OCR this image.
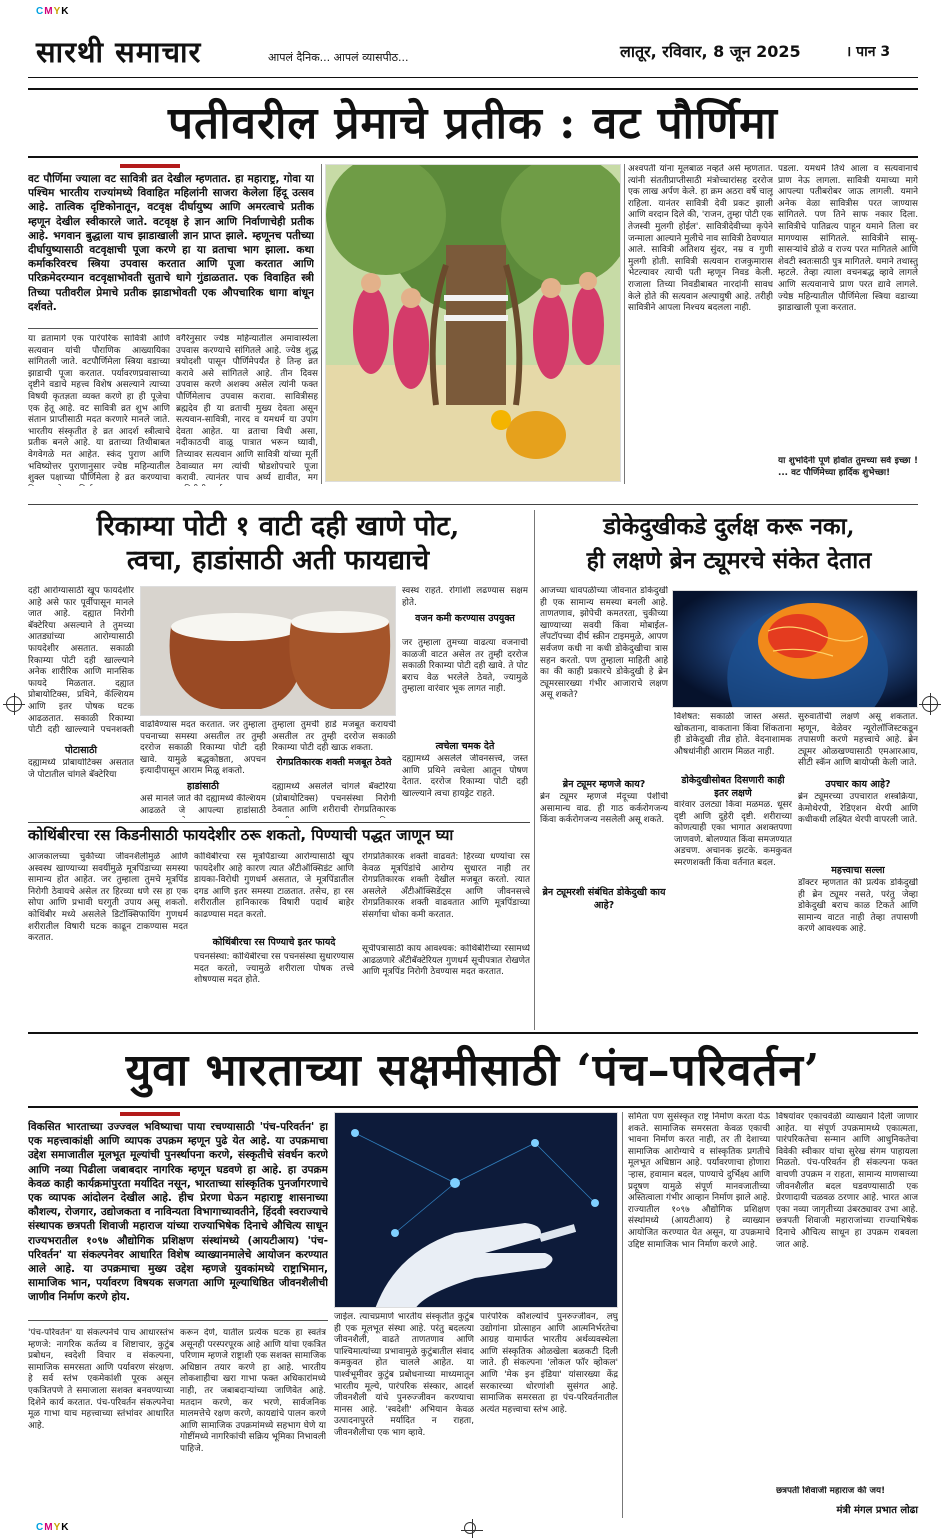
CMYK
CMYK
सारथी समाचार	आपलं दैनिक... आपलं व्यासपीठ...	लातूर, रविवार, 8 जून 2025	। पान 3
पतीवरील प्रेमाचे प्रतीक : वट पौर्णिमा
वट पौर्णिमा ज्याला वट सावित्री व्रत देखील म्हणतात. हा महाराष्ट्र, गोवा या पश्चिम भारतीय राज्यांमध्ये विवाहित महिलांनी साजरा केलेला हिंदू उत्सव आहे. तात्विक दृष्टिकोनातून, वटवृक्ष दीर्घायुष्य आणि अमरत्वाचे प्रतीक म्हणून देखील स्वीकारले जाते. वटवृक्ष हे ज्ञान आणि निर्वाणाचेही प्रतीक आहे. भगवान बुद्धाला याच झाडाखाली ज्ञान प्राप्त झाले. म्हणूनच पतीच्या दीर्घायुष्यासाठी वटवृक्षाची पूजा करणे हा या व्रताचा भाग झाला. कथा कर्माकरिवरच स्त्रिया उपवास करतात आणि पूजा करतात आणि परिक्रमेदरम्यान वटवृक्षाभोवती सुताचे धागे गुंडाळतात. एक विवाहित स्त्री तिच्या पतीवरील प्रेमाचे प्रतीक झाडाभोवती एक औपचारिक धागा बांधून दर्शवते.
या व्रतामागे एक पारंपरिक सावित्री आणि सत्यवान यांची पौराणिक आख्यायिका सांगितली जाते. वटपौर्णिमेला स्त्रिया वडाच्या झाडाची पूजा करतात. पर्यावरणप्रवासाच्या दृष्टीने वडाचे महत्त्व विशेष असल्याने त्याच्या विषयी कृतज्ञता व्यक्त करणे हा ही पूजेचा एक हेतू आहे. वट सावित्री व्रत शुभ आणि संतान प्राप्तीसाठी मदत करणारे मानले जाते. भारतीय संस्कृतीत हे व्रत आदर्श स्त्रीत्वाचे प्रतीक बनले आहे. या व्रताच्या तिथीबाबत वेगवेगळे मत आहेत. स्कंद पुराण आणि भविष्योत्तर पुराणानुसार ज्येष्ठ महिन्यातील शुक्ल पक्षाच्या पौर्णिमेला हे व्रत करण्याचा
वगैरेनुसार ज्येष्ठ महिन्यातील अमावास्येला उपवास करण्याचे सांगितले आहे. ज्येष्ठ शुद्ध त्रयोदशी पासून पौर्णिमेपर्यंत हे तिन्ह व्रत करावे असे सांगितले आहे. तीन दिवस उपवास करणे अशक्य असेल त्यांनी फक्त पौर्णिमेलाच उपवास करावा. सावित्रीसह ब्रह्मदेव ही या व्रताची मुख्य देवता असून सत्यवान-सावित्री, नारद व यमधर्म या उपांग देवता आहेत. या व्रताचा विधी असा, नदीकाठची वाळू पात्रात भरून घ्यावी, तिच्यावर सत्यवान आणि सावित्री यांच्या मूर्ती ठेवाव्यात मग त्यांची षोडशोपचारे पूजा करावी. त्यानंतर पाच अर्घ्य द्यावीत, मग
अश्वपती यांना मूलबाळ नव्हते असे म्हणतात. त्यांनी संततीप्राप्तीसाठी मंत्रोच्चारांसह दररोज एक लाख अर्पण केले. हा क्रम अठरा वर्षे चालू राहिला. यानंतर सावित्री देवी प्रकट झाली आणि वरदान दिले की, 'राजन, तुम्हा पोटी एक तेजस्वी मुलगी होईल'. सावित्रीदेवीच्या कृपेने जन्माला आल्याने मुलीचे नाव सावित्री ठेवण्यात आले. सावित्री अतिशय सुंदर, नम्र व गुणी मुलगी होती. सावित्री सत्यवान राजकुमारास भेटल्यावर त्याची पती म्हणून निवड केली. राजाला तिच्या निवडीबाबत नारदांनी सावध केले होते की सत्यवान अल्पायुषी आहे. तरीही सावित्रीने आपला निश्चय बदलला नाही.
पडला. यमधर्म तिथे आला व सत्यवानाचे प्राण नेऊ लागला. सावित्री यमाच्या मागे आपल्या पतीबरोबर जाऊ लागली. यमाने अनेक वेळा सावित्रीस परत जाण्यास सांगितले. पण तिने साफ नकार दिला. सावित्रीचे पातिव्रत्य पाहून यमाने तिला वर मागण्यास सांगितले. सावित्रीने सासू-सासऱ्यांचे डोळे व राज्य परत मागितले आणि शेवटी स्वतःसाठी पुत्र मागितले. यमाने तथास्तु म्हटले. तेव्हा त्याला वचनबद्ध व्हावे लागले आणि सत्यवानाचे प्राण परत द्यावे लागले. ज्येष्ठ महिन्यातील पौर्णिमेला स्त्रिया वडाच्या झाडाखाली पूजा करतात.
या शुभदिनी पूर्ण होवोत तुमच्या सर्व इच्छा ! ... वट पौर्णिमेच्या हार्दिक शुभेच्छा!
रिकाम्या पोटी १ वाटी दही खाणे पोट,
त्वचा, हाडांसाठी अती फायद्याचे
दही आरोग्यासाठी खूप फायदेशीर आहे असे फार पूर्वीपासून मानले जात आहे. दह्यात निरोगी बॅक्टेरिया असल्याने ते तुमच्या आतड्यांच्या आरोग्यासाठी फायदेशीर असतात. सकाळी रिकाम्या पोटी दही खाल्ल्याने अनेक शारीरिक आणि मानसिक फायदे मिळतात. दह्यात प्रोबायोटिक्स, प्रथिने, कॅल्शियम आणि इतर पोषक घटक आढळतात. सकाळी रिकाम्या पोटी दही खाल्ल्याने पचनशक्ती
पोटासाठी
दह्यामध्ये प्रोबायोटिक्स असतात जे पोटातील चांगले बॅक्टेरिया
वाढविण्यास मदत करतात. जर तुम्हाला पचनाच्या समस्या असतील तर तुम्ही दररोज सकाळी रिकाम्या पोटी दही खावे. यामुळे बद्धकोष्ठता, अपचन इत्यादीपासून आराम मिळू शकतो.
हाडांसाठी
असे मानले जाते की दह्यामध्ये कॅल्शियम आढळते जे आपल्या हाडांसाठी
तुम्हाला तुमची हाडे मजबूत करायची असतील तर तुम्ही दररोज सकाळी रिकाम्या पोटी दही खाऊ शकता.
रोगप्रतिकारक शक्ती मजबूत ठेवते
दह्यामध्ये असलेले चांगले बॅक्टेरिया (प्रोबायोटिक्स) पचनसंस्था निरोगी ठेवतात आणि शरीराची रोगप्रतिकारक
स्वस्थ राहते. रोगांशी लढण्यास सक्षम होते.
वजन कमी करण्यास उपयुक्त
जर तुम्हाला तुमच्या वाढत्या वजनाची काळजी वाटत असेल तर तुम्ही दररोज सकाळी रिकाम्या पोटी दही खावे. ते पोट बराच वेळ भरलेले ठेवते, ज्यामुळे तुम्हाला वारंवार भूक लागत नाही.
त्वचेला चमक देते
दह्यामध्ये असलेले जीवनसत्त्वे, जस्त आणि प्रथिने त्वचेला आतून पोषण देतात. दररोज रिकाम्या पोटी दही खाल्ल्याने त्वचा हायड्रेट राहते.
कोथिंबीरचा रस किडनीसाठी फायदेशीर ठरू शकतो, पिण्याची पद्धत जाणून घ्या
आजकालच्या चुकीच्या जीवनशैलीमुळे आणि अस्वस्थ खाण्याच्या सवयींमुळे मूत्रपिंडाच्या समस्या सामान्य होत आहेत. जर तुम्हाला तुमचे मूत्रपिंड निरोगी ठेवायचे असेल तर हिरव्या धणे रस हा एक सोपा आणि प्रभावी घरगुती उपाय असू शकतो. कोथिंबीर मध्ये असलेले डिटॉक्सिफायिंग गुणधर्म शरीरातील विषारी घटक काढून टाकण्यास मदत करतात.
कोथिंबीरचा रस मूत्रपिंडाच्या आरोग्यासाठी खूप फायदेशीर आहे कारण त्यात अँटीऑक्सिडंट आणि डायका-विरोधी गुणधर्म असतात, जे मूत्रपिंडातील दगड आणि इतर समस्या टाळतात. तसेच, हा रस शरीरातील हानिकारक विषारी पदार्थ बाहेर काढण्यास मदत करतो.
कोथिंबीरचा रस पिण्याचे इतर फायदे
पचनसंस्था: कोथिंबीरचा रस पचनसंस्था सुधारण्यास मदत करतो, ज्यामुळे शरीराला पोषक तत्त्वे शोषण्यास मदत होते.
रोगप्रतिकारक शक्ती वाढवते: हिरव्या धण्यांचा रस केवळ मूत्रपिंडांचे आरोग्य सुधारत नाही तर रोगप्रतिकारक शक्ती देखील मजबूत करतो. त्यात असलेले अँटीऑक्सिडेंट्स आणि जीवनसत्त्वे रोगप्रतिकारक शक्ती वाढवतात आणि मूत्रपिंडाच्या संसर्गाचा धोका कमी करतात.
सूचीपत्रासाठी काय आवश्यक: कोथिंबीरीच्या रसामध्ये आढळणारे अँटीबॅक्टेरियल गुणधर्म सूचीपत्रात रोखणेत आणि मूत्रपिंड निरोगी ठेवण्यास मदत करतात.
डोकेदुखीकडे दुर्लक्ष करू नका,
ही लक्षणे ब्रेन ट्यूमरचे संकेत देतात
आजच्या धावपळीच्या जीवनात डोकेदुखी ही एक सामान्य समस्या बनली आहे. ताणतणाव, झोपेची कमतरता, चुकीच्या खाण्याच्या सवयी किंवा मोबाईल-लॅपटॉपच्या दीर्घ स्क्रीन टाइममुळे, आपण सर्वजण कधी ना कधी डोकेदुखीचा त्रास सहन करतो. पण तुम्हाला माहिती आहे का की काही प्रकारचे डोकेदुखी हे ब्रेन ट्यूमरसारख्या गंभीर आजाराचे लक्षण असू शकते?
ब्रेन ट्यूमर म्हणजे काय?
ब्रेन ट्यूमर म्हणजे मेंदूच्या पेशींची असामान्य वाढ. ही गाठ कर्करोगजन्य किंवा कर्करोगजन्य नसलेली असू शकते.
ब्रेन ट्यूमरशी संबंधित डोकेदुखी काय आहे?
विशेषत: सकाळी जास्त असते. खोकताना, वाकताना किंवा शिंकताना ही डोकेदुखी तीव्र होते. वेदनाशामक औषधांनीही आराम मिळत नाही.
डोकेदुखीसोबत दिसणारी काही इतर लक्षणे
वारंवार उलट्या किंवा मळमळ. धूसर दृष्टी आणि दुहेरी दृष्टी. शरीराच्या कोणत्याही एका भागात अशक्तपणा जाणवणे. बोलण्यात किंवा समजण्यात अडचण. अचानक झटके. कमकुवत स्मरणशक्ती किंवा वर्तनात बदल.
सुरुवातीची लक्षणे असू शकतात. म्हणून, वेळेवर न्यूरोलॉजिस्टकडून तपासणी करणे महत्त्वाचे आहे. ब्रेन ट्यूमर ओळखण्यासाठी एमआरआय, सीटी स्कॅन आणि बायोप्सी केली जाते.
उपचार काय आहे?
ब्रेन ट्यूमरच्या उपचारात शस्त्रक्रिया, केमोथेरपी, रेडिएशन थेरपी आणि कधीकधी लक्ष्यित थेरपी वापरली जाते.
महत्त्वाचा सल्ला
डॉक्टर म्हणतात की प्रत्येक डोकेदुखी ही ब्रेन ट्यूमर नसते, परंतु जेव्हा डोकेदुखी बराच काळ टिकते आणि सामान्य वाटत नाही तेव्हा तपासणी करणे आवश्यक आहे.
युवा भारताच्या सक्षमीसाठी ‘पंच–परिवर्तन’
विकसित भारताच्या उज्ज्वल भविष्याचा पाया रचण्यासाठी 'पंच-परिवर्तन' हा एक महत्त्वाकांक्षी आणि व्यापक उपक्रम म्हणून पुढे येत आहे. या उपक्रमाचा उद्देश समाजातील मूलभूत मूल्यांची पुनर्स्थापना करणे, संस्कृतीचे संवर्धन करणे आणि नव्या पिढीला जबाबदार नागरिक म्हणून घडवणे हा आहे. हा उपक्रम केवळ काही कार्यक्रमांपुरता मर्यादित नसून, भारताच्या सांस्कृतिक पुनर्जागरणाचे एक व्यापक आंदोलन देखील आहे. हीच प्रेरणा घेऊन महाराष्ट्र शासनाच्या कौशल्य, रोजगार, उद्योजकता व नाविन्यता विभागाच्यावतीने, हिंदवी स्वराज्याचे संस्थापक छत्रपती शिवाजी महाराज यांच्या राज्याभिषेक दिनाचे औचित्य साधून राज्यभरातील १०९७ औद्योगिक प्रशिक्षण संस्थांमध्ये (आयटीआय) 'पंच-परिवर्तन' या संकल्पनेवर आधारित विशेष व्याख्यानमालेचे आयोजन करण्यात आले आहे. या उपक्रमाचा मुख्य उद्देश म्हणजे युवकांमध्ये राष्ट्राभिमान, सामाजिक भान, पर्यावरण विषयक सजगता आणि मूल्याधिष्ठित जीवनशैलीची जाणीव निर्माण करणे होय.
'पंच-परिवर्तन' या संकल्पनेचे पाच आधारस्तंभ म्हणजे: नागरिक कर्तव्य व शिष्टाचार, कुटुंब प्रबोधन, स्वदेशी विचार व संकल्पना, सामाजिक समरसता आणि पर्यावरण संरक्षण. हे सर्व स्तंभ एकमेकांशी पूरक असून एकत्रितपणे ते समाजाला सशक्त बनवण्याच्या दिशेने कार्य करतात. पंच-परिवर्तन संकल्पनेचा मूळ गाभा याच महत्त्वाच्या स्तंभांवर आधारित आहे.
करून देणे, यातील प्रत्येक घटक हा स्वतंत्र असूनही परस्परपूरक आहे आणि यांचा एकत्रित परिणाम म्हणजे राष्ट्राशी एक सशक्त सामाजिक अधिष्ठान तयार करणे हा आहे. भारतीय लोकशाहीचा खरा गाभा फक्त अधिकारांमध्ये नाही, तर जबाबदाऱ्यांच्या जाणिवेत आहे. मतदान करणे, कर भरणे, सार्वजनिक मालमत्तेचे रक्षण करणे, कायद्यांचे पालन करणे आणि सामाजिक उपक्रमांमध्ये सहभाग घेणे या गोष्टींमध्ये नागरिकांची सक्रिय भूमिका निभावली पाहिजे.
जाईल. त्याचप्रमाणे भारतीय संस्कृतीत कुटुंब ही एक मूलभूत संस्था आहे. परंतु बदलत्या जीवनशैली, वाढते ताणतणाव आणि पाश्चिमात्यांच्या प्रभावामुळे कुटुंबातील संवाद कमकुवत होत चालले आहेत. या पार्श्वभूमीवर कुटुंब प्रबोधनाच्या माध्यमातून भारतीय मूल्ये, पारंपरिक संस्कार, आदर्श जीवनशैली यांचे पुनरुज्जीवन करण्याचा मानस आहे. 'स्वदेशी' अभियान केवळ उत्पादनापुरते मर्यादित न राहता, जीवनशैलीचा एक भाग व्हावे.
पारंपरिक कौशल्यांचे पुनरुज्जीवन, लघु उद्योगांना प्रोत्साहन आणि आत्मनिर्भरतेचा आग्रह यामार्फत भारतीय अर्थव्यवस्थेला आणि संस्कृतिक ओळखेला बळकटी दिली जाते. ही संकल्पना 'लोकल फॉर व्होकल' आणि 'मेक इन इंडिया' यांसारख्या केंद्र सरकारच्या धोरणांशी सुसंगत आहे. सामाजिक समरसता हा पंच-परिवर्तनातील अत्यंत महत्त्वाचा स्तंभ आहे.
समिता पण सुसंस्कृत राष्ट्र निर्माण करता येऊ शकते. सामाजिक समरसता केवळ एकाची भावना निर्माण करत नाही, तर ती देशाच्या सामाजिक आरोग्याचे व सांस्कृतिक प्रगतीचे मूलभूत अधिष्ठान आहे. पर्यावरणाचा होणारा ऱ्हास, हवामान बदल, पाण्याचे दुर्भिक्ष्य आणि प्रदूषण यामुळे संपूर्ण मानवजातीच्या अस्तित्वाला गंभीर आव्हान निर्माण झाले आहे. राज्यातील १०९७ औद्योगिक प्रशिक्षण संस्थांमध्ये (आयटीआय) हे व्याख्यान आयोजित करण्यात येत असून, या उपक्रमाचे उद्दिष्ट सामाजिक भान निर्माण करणे आहे.
विषयांवर एकाचवेळी व्याख्याने दिली जाणार आहेत. या संपूर्ण उपक्रमामध्ये एकात्मता, पारंपरिकतेचा सन्मान आणि आधुनिकतेचा विवेकी स्वीकार यांचा सुरेख संगम पाहायला मिळतो. पंच-परिवर्तन ही संकल्पना फक्त वाचणी उपक्रम न राहता, सामान्य माणसाच्या जीवनशैलीत बदल घडवण्यासाठी एक प्रेरणादायी चळवळ ठरणार आहे. भारत आज एका नव्या जागृतीच्या उंबरठ्यावर उभा आहे. छत्रपती शिवाजी महाराजांच्या राज्याभिषेक दिनाचे औचित्य साधून हा उपक्रम राबवला जात आहे.
छत्रपती शिवाजी महाराज की जय!
मंत्री मंगल प्रभात लोढा
